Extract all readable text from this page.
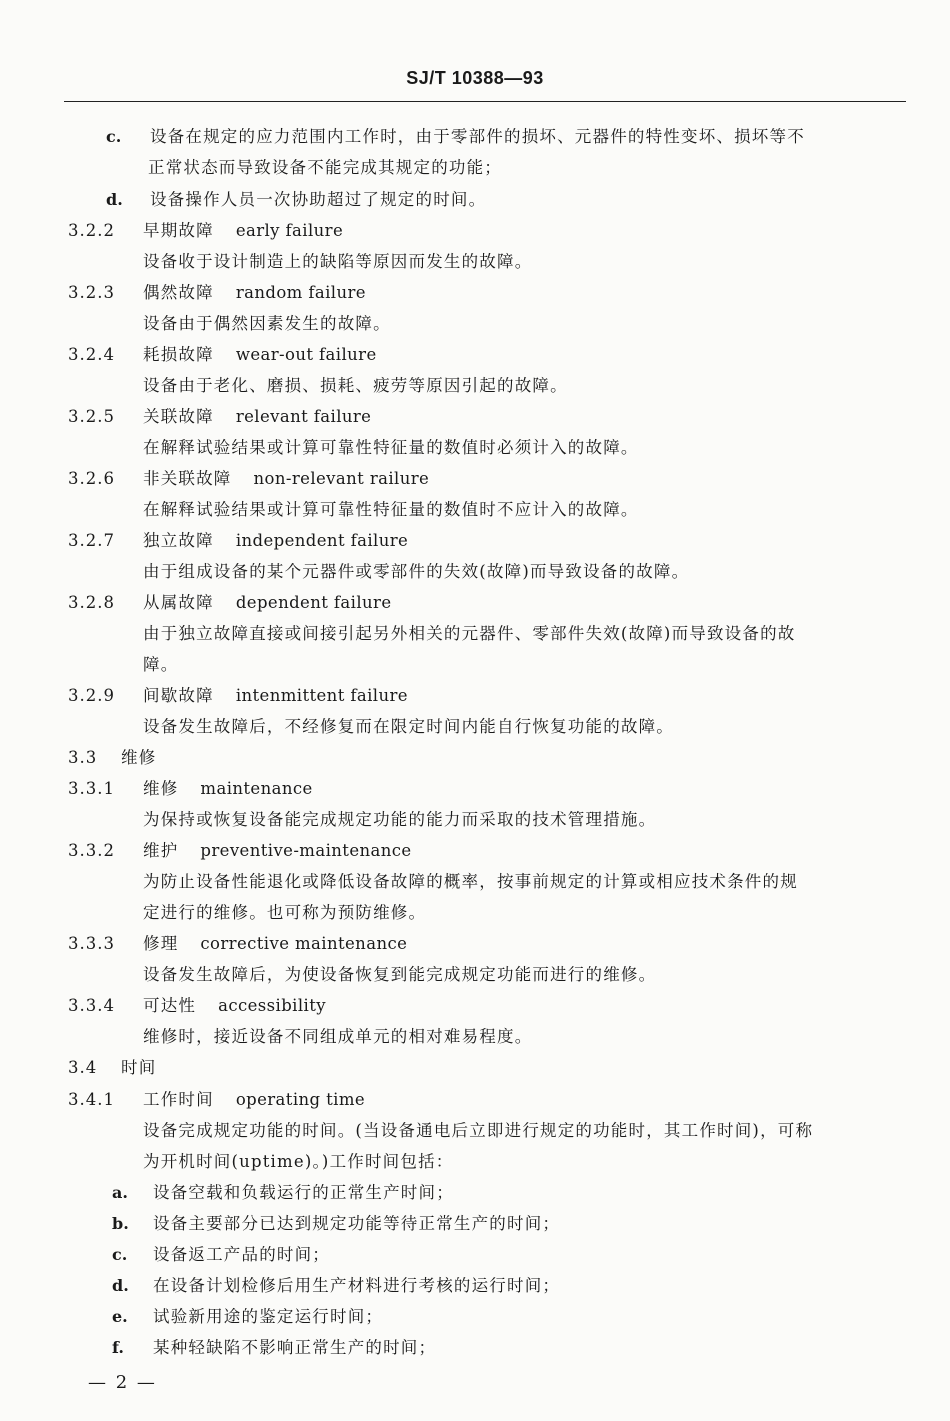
SJ/T 10388—93
c. 设备在规定的应力范围内工作时，由于零部件的损坏、元器件的特性变坏、损坏等不
正常状态而导致设备不能完成其规定的功能；
d. 设备操作人员一次协助超过了规定的时间。
3.2.2 早期故障 early failure
设备收于设计制造上的缺陷等原因而发生的故障。
3.2.3 偶然故障 random failure
设备由于偶然因素发生的故障。
3.2.4 耗损故障 wear-out failure
设备由于老化、磨损、损耗、疲劳等原因引起的故障。
3.2.5 关联故障 relevant failure
在解释试验结果或计算可靠性特征量的数值时必须计入的故障。
3.2.6 非关联故障 non-relevant railure
在解释试验结果或计算可靠性特征量的数值时不应计入的故障。
3.2.7 独立故障 independent failure
由于组成设备的某个元器件或零部件的失效(故障)而导致设备的故障。
3.2.8 从属故障 dependent failure
由于独立故障直接或间接引起另外相关的元器件、零部件失效(故障)而导致设备的故
障。
3.2.9 间歇故障 intenmittent failure
设备发生故障后，不经修复而在限定时间内能自行恢复功能的故障。
3.3 维修
3.3.1 维修 maintenance
为保持或恢复设备能完成规定功能的能力而采取的技术管理措施。
3.3.2 维护 preventive-maintenance
为防止设备性能退化或降低设备故障的概率，按事前规定的计算或相应技术条件的规
定进行的维修。也可称为预防维修。
3.3.3 修理 corrective maintenance
设备发生故障后，为使设备恢复到能完成规定功能而进行的维修。
3.3.4 可达性 accessibility
维修时，接近设备不同组成单元的相对难易程度。
3.4 时间
3.4.1 工作时间 operating time
设备完成规定功能的时间。(当设备通电后立即进行规定的功能时，其工作时间)，可称
为开机时间(uptime)。)工作时间包括：
a. 设备空载和负载运行的正常生产时间；
b. 设备主要部分已达到规定功能等待正常生产的时间；
c. 设备返工产品的时间；
d. 在设备计划检修后用生产材料进行考核的运行时间；
e. 试验新用途的鉴定运行时间；
f. 某种轻缺陷不影响正常生产的时间；
— 2 —
